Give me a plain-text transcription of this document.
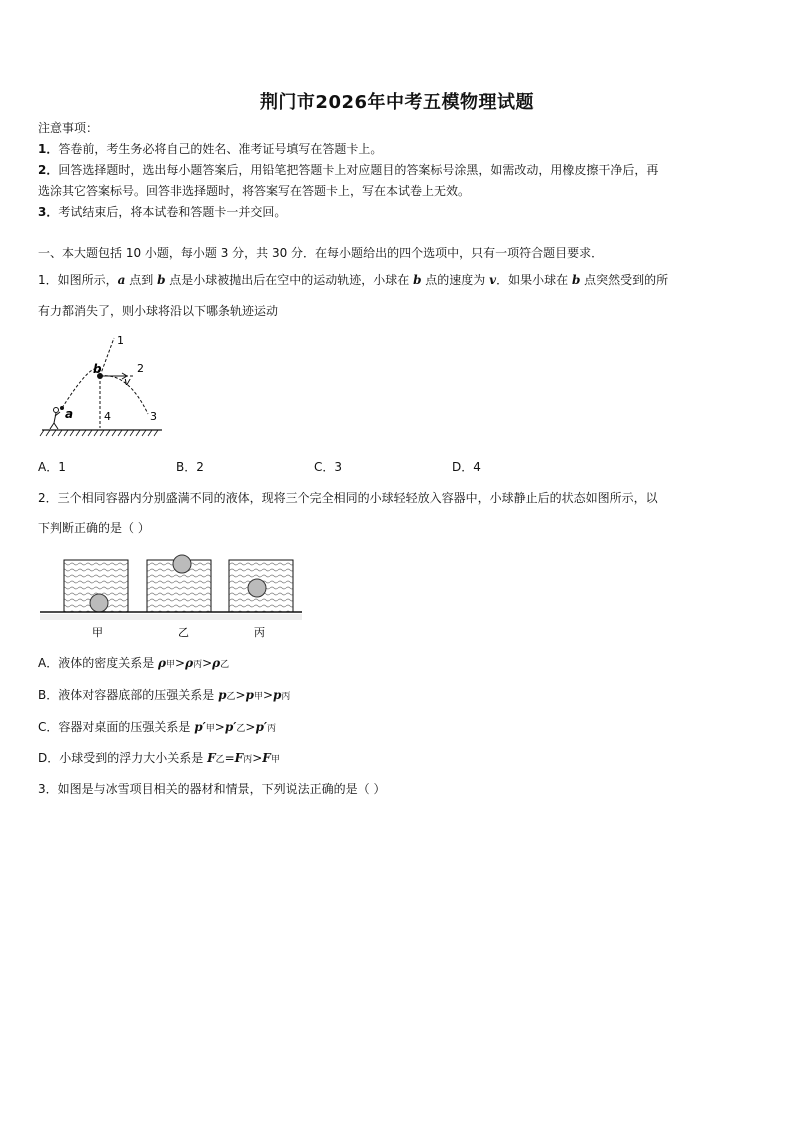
荆门市2026年中考五模物理试题
注意事项：
1．答卷前，考生务必将自己的姓名、准考证号填写在答题卡上。
2．回答选择题时，选出每小题答案后，用铅笔把答题卡上对应题目的答案标号涂黑，如需改动，用橡皮擦干净后，再
选涂其它答案标号。回答非选择题时，将答案写在答题卡上，写在本试卷上无效。
3．考试结束后，将本试卷和答题卡一并交回。
一、本大题包括 10 小题，每小题 3 分，共 30 分．在每小题给出的四个选项中，只有一项符合题目要求．
1．如图所示，a 点到 b 点是小球被抛出后在空中的运动轨迹，小球在 b 点的速度为 v．如果小球在 b 点突然受到的所
有力都消失了，则小球将沿以下哪条轨迹运动
a
b
v
1
2
3
4
A．1	B．2	C．3	D．4
2．三个相同容器内分别盛满不同的液体，现将三个完全相同的小球轻轻放入容器中，小球静止后的状态如图所示，以
下判断正确的是（ ）
甲	乙	丙
A．液体的密度关系是 ρ甲>ρ丙>ρ乙
B．液体对容器底部的压强关系是 p乙>p甲>p丙
C．容器对桌面的压强关系是 p′甲>p′乙>p′丙
D．小球受到的浮力大小关系是 F乙=F丙>F甲
3．如图是与冰雪项目相关的器材和情景，下列说法正确的是（ ）
